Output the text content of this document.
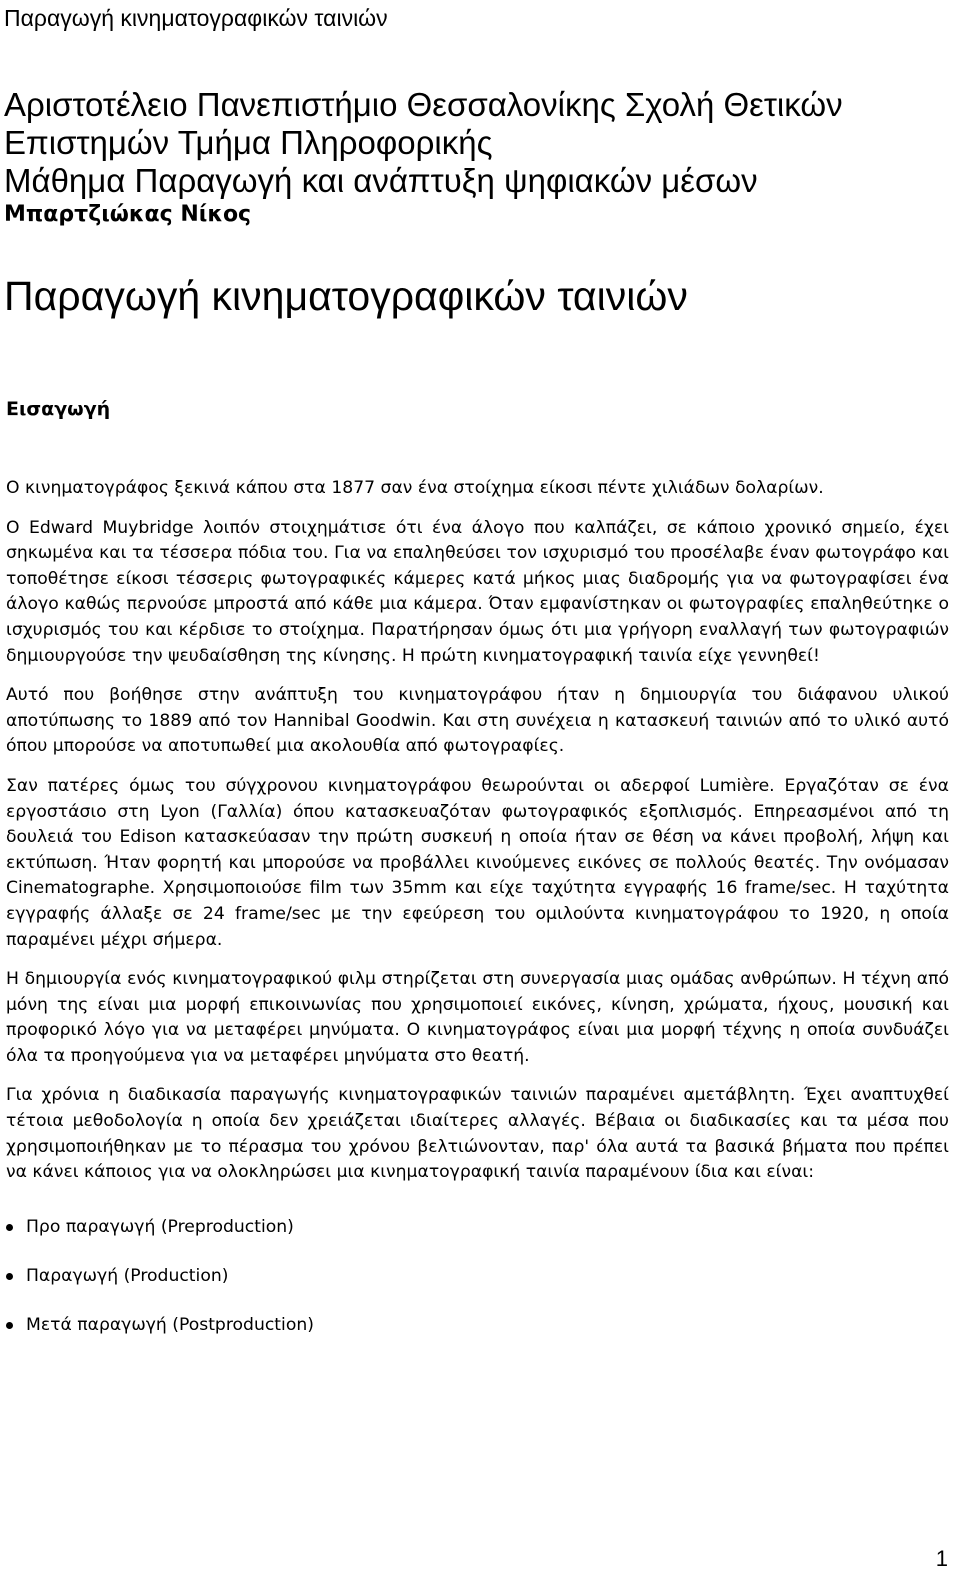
Παραγωγή κινηματογραφικών ταινιών
Αριστοτέλειο Πανεπιστήμιο Θεσσαλονίκης Σχολή Θετικών
Επιστημών Τμήμα Πληροφορικής
Μάθημα Παραγωγή και ανάπτυξη ψηφιακών μέσων
Μπαρτζιώκας Νίκος
Παραγωγή κινηματογραφικών ταινιών
Εισαγωγή

Ο κινηματογράφος ξεκινά κάπου στα 1877 σαν ένα στοίχημα είκοσι πέντε χιλιάδων δολαρίων.

Ο Edward Muybridge λοιπόν στοιχημάτισε ότι ένα άλογο που καλπάζει, σε κάποιο χρονικό σημείο, έχει σηκωμένα και τα τέσσερα πόδια του. Για να επαληθεύσει τον ισχυρισμό του προσέλαβε έναν φωτογράφο και τοποθέτησε είκοσι τέσσερις φωτογραφικές κάμερες κατά μήκος μιας διαδρομής για να φωτογραφίσει ένα άλογο καθώς περνούσε μπροστά από κάθε μια κάμερα. Όταν εμφανίστηκαν οι φωτογραφίες επαληθεύτηκε ο ισχυρισμός του και κέρδισε το στοίχημα. Παρατήρησαν όμως ότι μια γρήγορη εναλλαγή των φωτογραφιών δημιουργούσε την ψευδαίσθηση της κίνησης. Η πρώτη κινηματογραφική ταινία είχε γεννηθεί!

Αυτό που βοήθησε στην ανάπτυξη του κινηματογράφου ήταν η δημιουργία του διάφανου υλικού αποτύπωσης το 1889 από τον Hannibal Goodwin. Και στη συνέχεια η κατασκευή ταινιών από το υλικό αυτό όπου μπορούσε να αποτυπωθεί μια ακολουθία από φωτογραφίες.

Σαν πατέρες όμως του σύγχρονου κινηματογράφου θεωρούνται οι αδερφοί Lumière. Εργαζόταν σε ένα εργοστάσιο στη Lyon (Γαλλία) όπου κατασκευαζόταν φωτογραφικός εξοπλισμός. Επηρεασμένοι από τη δουλειά του Edison κατασκεύασαν την πρώτη συσκευή η οποία ήταν σε θέση να κάνει προβολή, λήψη και εκτύπωση. Ήταν φορητή και μπορούσε να προβάλλει κινούμενες εικόνες σε πολλούς θεατές. Την ονόμασαν Cinematographe. Χρησιμοποιούσε film των 35mm και είχε ταχύτητα εγγραφής 16 frame/sec. Η ταχύτητα εγγραφής άλλαξε σε 24 frame/sec με την εφεύρεση του ομιλούντα κινηματογράφου το 1920, η οποία παραμένει μέχρι σήμερα.

Η δημιουργία ενός κινηματογραφικού φιλμ στηρίζεται στη συνεργασία μιας ομάδας ανθρώπων. Η τέχνη από μόνη της είναι μια μορφή επικοινωνίας που χρησιμοποιεί εικόνες, κίνηση, χρώματα, ήχους, μουσική και προφορικό λόγο για να μεταφέρει μηνύματα. Ο κινηματογράφος είναι μια μορφή τέχνης η οποία συνδυάζει όλα τα προηγούμενα για να μεταφέρει μηνύματα στο θεατή.

Για χρόνια η διαδικασία παραγωγής κινηματογραφικών ταινιών παραμένει αμετάβλητη. Έχει αναπτυχθεί τέτοια μεθοδολογία η οποία δεν χρειάζεται ιδιαίτερες αλλαγές. Βέβαια οι διαδικασίες και τα μέσα που χρησιμοποιήθηκαν με το πέρασμα του χρόνου βελτιώνονταν, παρ' όλα αυτά τα βασικά βήματα που πρέπει να κάνει κάποιος για να ολοκληρώσει μια κινηματογραφική ταινία παραμένουν ίδια και είναι:

Προ παραγωγή (Preproduction)
Παραγωγή (Production)
Μετά παραγωγή (Postproduction)
1
